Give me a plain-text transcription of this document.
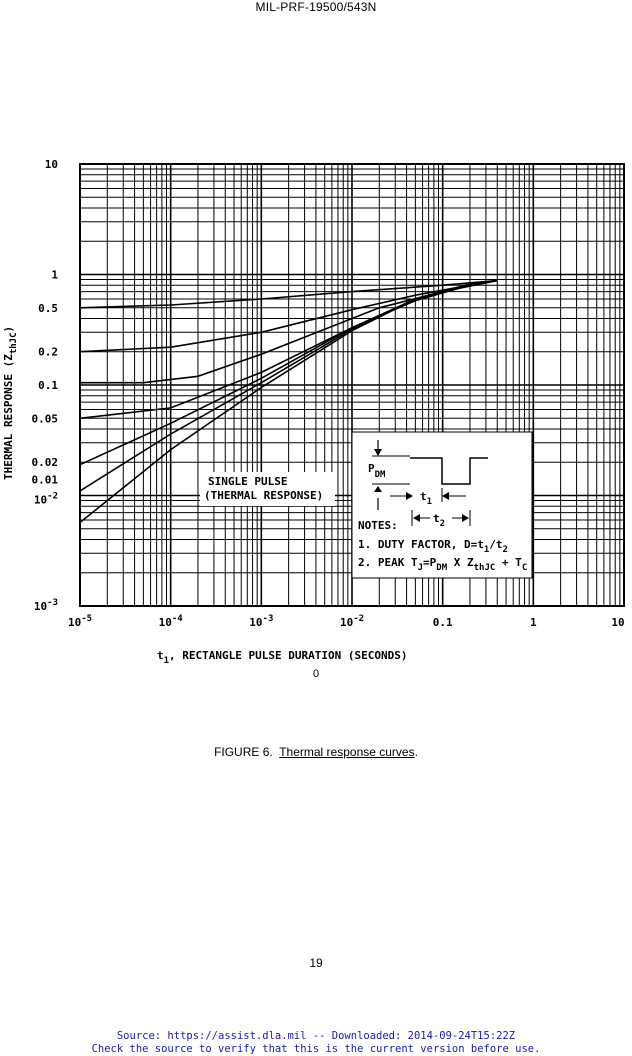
MIL-PRF-19500/543N
10
1
0.5
0.2
0.1
0.05
0.02
0.01
$10^{-2}$
$10^{-3}$
$10^{-5}$	$10^{-4}$	$10^{-3}$	$10^{-2}$	0.1	1	10
SINGLE PULSE
(THERMAL RESPONSE)
$P_{DM}$
$t_1$
$t_2$
NOTES:
1. DUTY FACTOR, $D=t_1/t_2$
2. PEAK $T_J=P_{DM}$ X $Z_{thJC} + T_C$
$t_1$, RECTANGLE PULSE DURATION (SECONDS)
THERMAL RESPONSE $(Z_{thJC})$
0
FIGURE 6. Thermal response curves.
19
Source: https://assist.dla.mil -- Downloaded: 2014-09-24T15:22Z
Check the source to verify that this is the current version before use.
